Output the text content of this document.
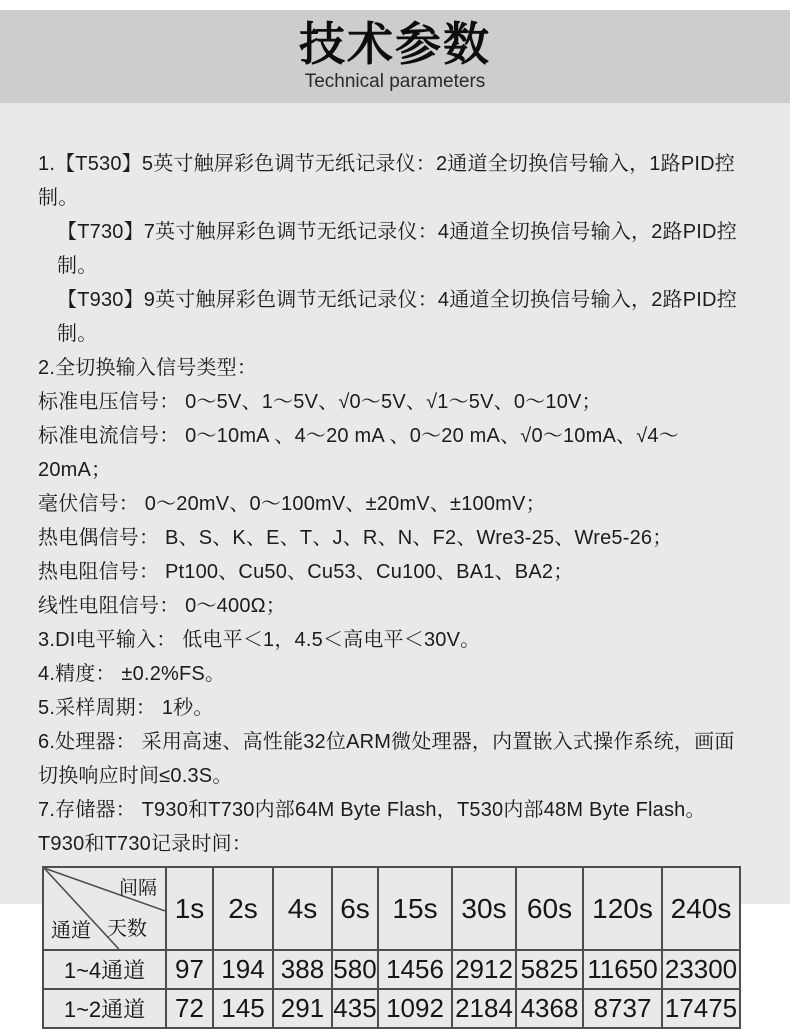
技术参数
Technical parameters

1.【T530】5英寸触屏彩色调节无纸记录仪：2通道全切换信号输入，1路PID控制。

【T730】7英寸触屏彩色调节无纸记录仪：4通道全切换信号输入，2路PID控制。

【T930】9英寸触屏彩色调节无纸记录仪：4通道全切换信号输入，2路PID控制。

2.全切换输入信号类型：

标准电压信号： 0～5V、1～5V、√0～5V、√1～5V、0～10V；

标准电流信号： 0～10mA 、4～20 mA 、0～20 mA、√0～10mA、√4～20mA；

毫伏信号： 0～20mV、0～100mV、±20mV、±100mV；

热电偶信号： B、S、K、E、T、J、R、N、F2、Wre3-25、Wre5-26；

热电阻信号： Pt100、Cu50、Cu53、Cu100、BA1、BA2；

线性电阻信号： 0～400Ω；

3.DI电平输入： 低电平＜1，4.5＜高电平＜30V。

4.精度： ±0.2%FS。

5.采样周期： 1秒。

6.处理器： 采用高速、高性能32位ARM微处理器，内置嵌入式操作系统，画面切换响应时间≤0.3S。

7.存储器： T930和T730内部64M Byte Flash，T530内部48M Byte Flash。

T930和T730记录时间：

间隔
天数
通道	1s	2s	4s	6s	15s	30s	60s	120s	240s
1~4通道	97	194	388	580	1456	2912	5825	11650	23300
1~2通道	72	145	291	435	1092	2184	4368	8737	17475
